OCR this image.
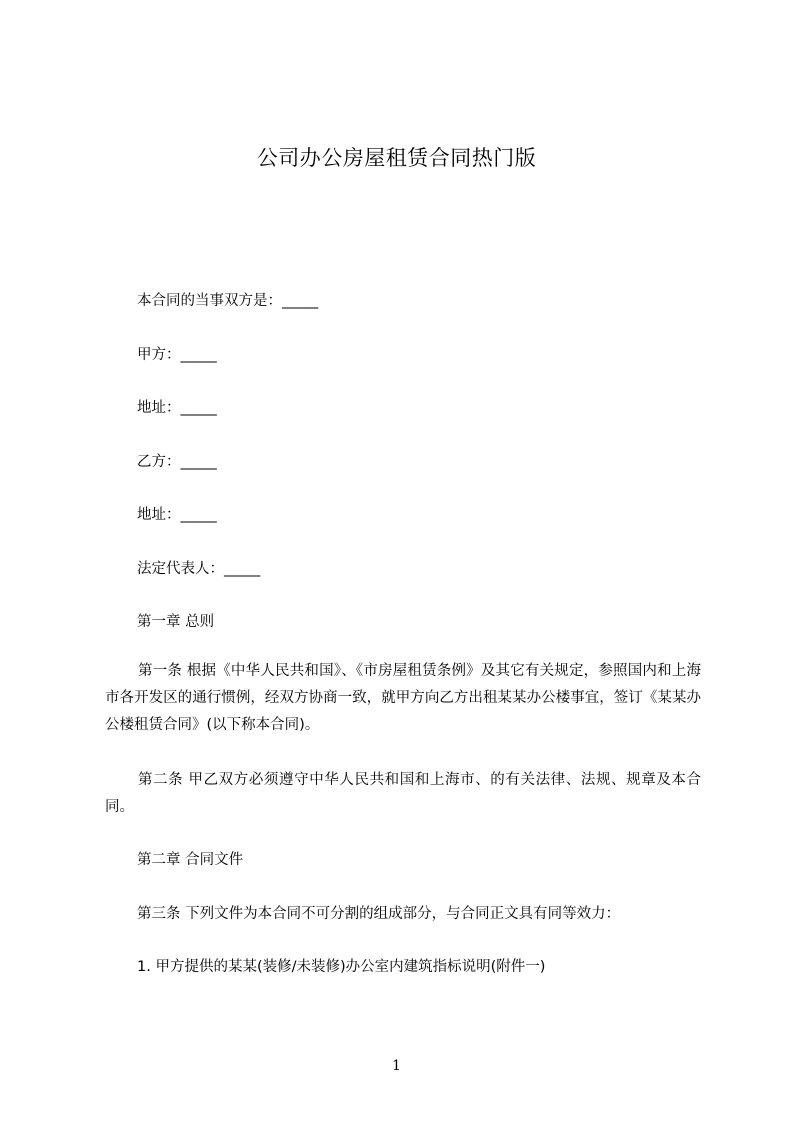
公司办公房屋租赁合同热门版
本合同的当事双方是：_____
甲方：_____
地址：_____
乙方：_____
地址：_____
法定代表人：_____
第一章 总则
第一条 根据《中华人民共和国》、《市房屋租赁条例》及其它有关规定，参照国内和上海市各开发区的通行惯例，经双方协商一致，就甲方向乙方出租某某办公楼事宜，签订《某某办公楼租赁合同》(以下称本合同)。
第二条 甲乙双方必须遵守中华人民共和国和上海市、的有关法律、法规、规章及本合同。
第二章 合同文件
第三条 下列文件为本合同不可分割的组成部分，与合同正文具有同等效力：
1. 甲方提供的某某(装修/未装修)办公室内建筑指标说明(附件一)
1
